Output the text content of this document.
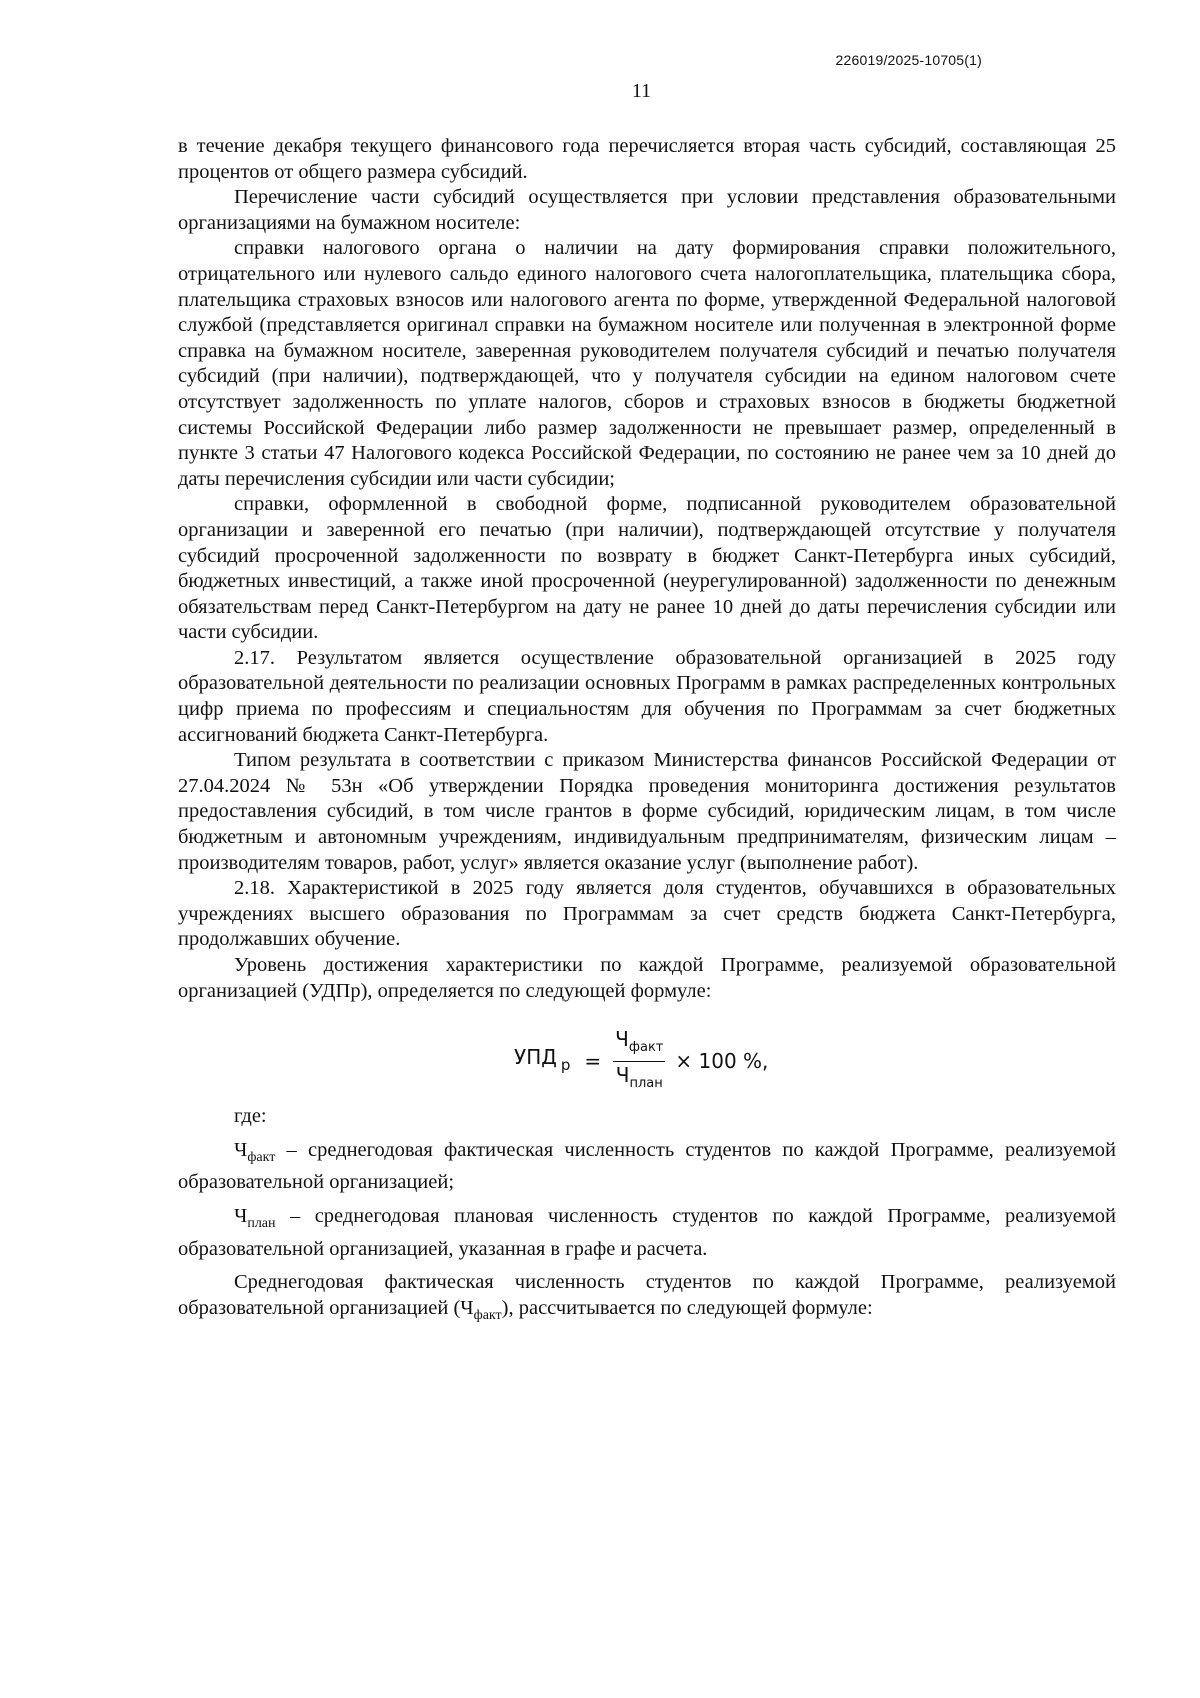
226019/2025-10705(1)
11

в течение декабря текущего финансового года перечисляется вторая часть субсидий, составляющая 25 процентов от общего размера субсидий.

Перечисление части субсидий осуществляется при условии представления образовательными организациями на бумажном носителе:

справки налогового органа о наличии на дату формирования справки положительного, отрицательного или нулевого сальдо единого налогового счета налогоплательщика, плательщика сбора, плательщика страховых взносов или налогового агента по форме, утвержденной Федеральной налоговой службой (представляется оригинал справки на бумажном носителе или полученная в электронной форме справка на бумажном носителе, заверенная руководителем получателя субсидий и печатью получателя субсидий (при наличии), подтверждающей, что у получателя субсидии на едином налоговом счете отсутствует задолженность по уплате налогов, сборов и страховых взносов в бюджеты бюджетной системы Российской Федерации либо размер задолженности не превышает размер, определенный в пункте 3 статьи 47 Налогового кодекса Российской Федерации, по состоянию не ранее чем за 10 дней до даты перечисления субсидии или части субсидии;

справки, оформленной в свободной форме, подписанной руководителем образовательной организации и заверенной его печатью (при наличии), подтверждающей отсутствие у получателя субсидий просроченной задолженности по возврату в бюджет Санкт-Петербурга иных субсидий, бюджетных инвестиций, а также иной просроченной (неурегулированной) задолженности по денежным обязательствам перед Санкт-Петербургом на дату не ранее 10 дней до даты перечисления субсидии или части субсидии.

2.17. Результатом является осуществление образовательной организацией в 2025 году образовательной деятельности по реализации основных Программ в рамках распределенных контрольных цифр приема по профессиям и специальностям для обучения по Программам за счет бюджетных ассигнований бюджета Санкт-Петербурга.

Типом результата в соответствии с приказом Министерства финансов Российской Федерации от 27.04.2024 № 53н «Об утверждении Порядка проведения мониторинга достижения результатов предоставления субсидий, в том числе грантов в форме субсидий, юридическим лицам, в том числе бюджетным и автономным учреждениям, индивидуальным предпринимателям, физическим лицам – производителям товаров, работ, услуг» является оказание услуг (выполнение работ).

2.18. Характеристикой в 2025 году является доля студентов, обучавшихся в образовательных учреждениях высшего образования по Программам за счет средств бюджета Санкт-Петербурга, продолжавших обучение.

Уровень достижения характеристики по каждой Программе, реализуемой образовательной организацией (УДПр), определяется по следующей формуле:

УПД $_р = \frac{Ч_{факт}}{Ч_{план}} \times 100$ %,

где:

$Ч_{факт}$ – среднегодовая фактическая численность студентов по каждой Программе, реализуемой образовательной организацией;

$Ч_{план}$ – среднегодовая плановая численность студентов по каждой Программе, реализуемой образовательной организацией, указанная в графе и расчета.

Среднегодовая фактическая численность студентов по каждой Программе, реализуемой образовательной организацией $(Ч_{факт})$, рассчитывается по следующей формуле:
